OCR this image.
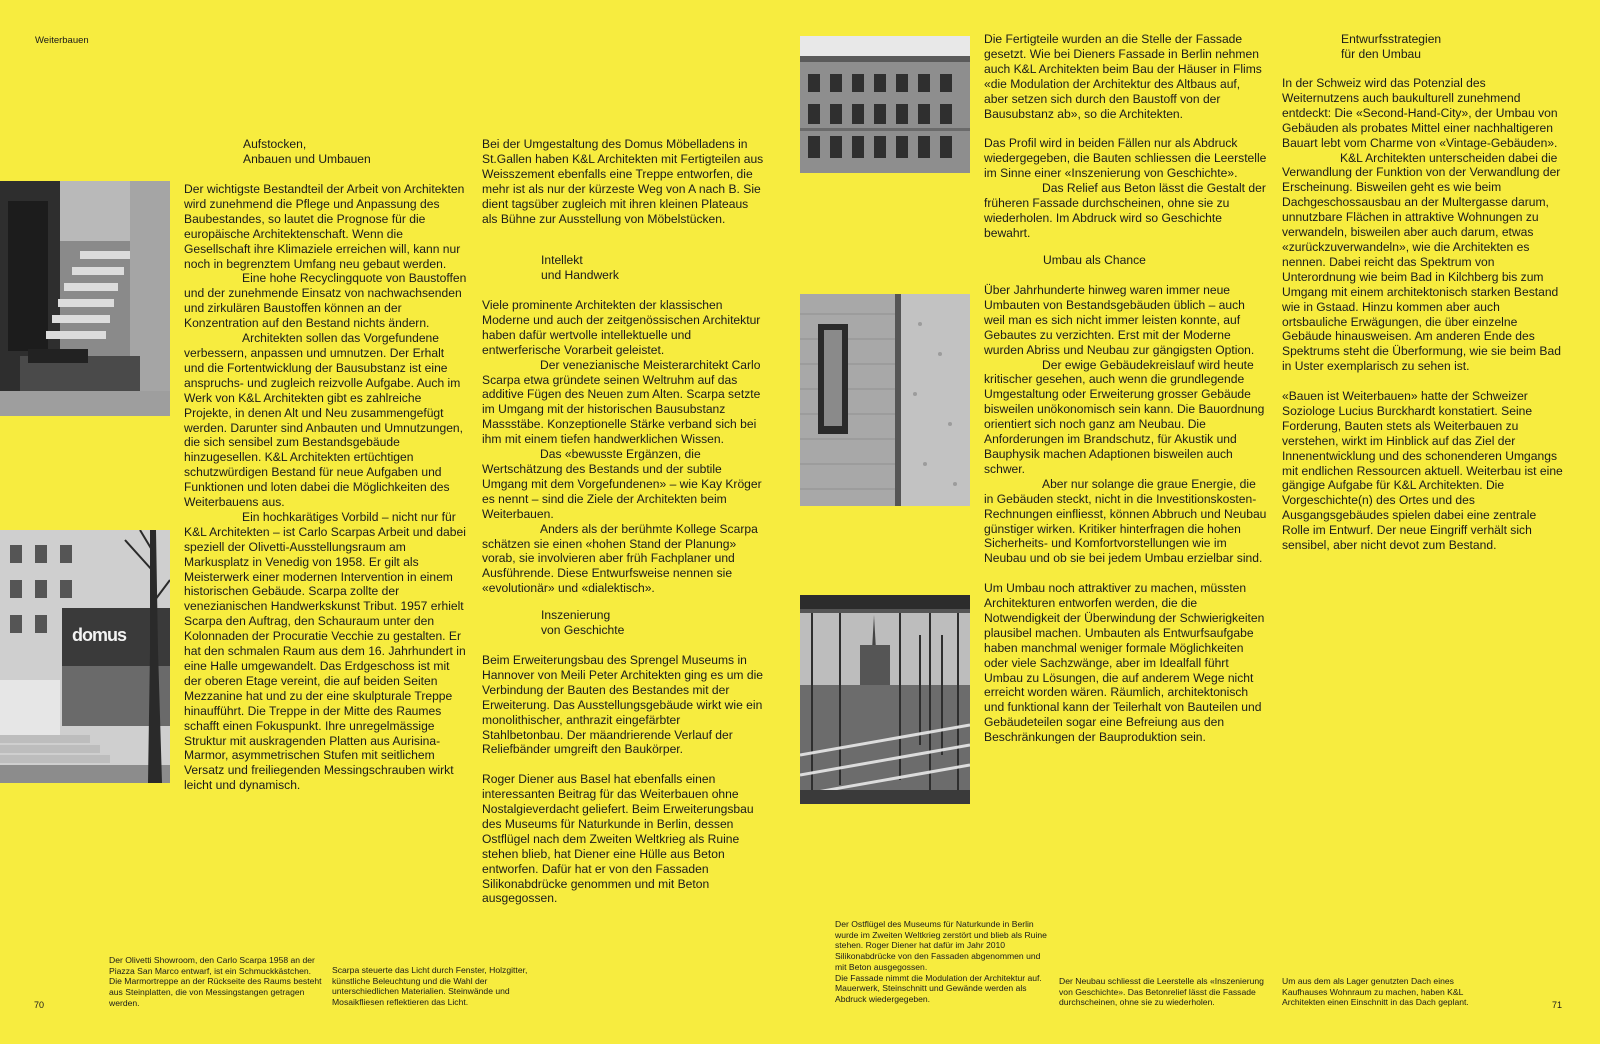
Weiterbauen
70	71
domus
Aufstocken,
Anbauen und Umbauen
Intellekt
und Handwerk
Inszenierung
von Geschichte
Umbau als Chance
Entwurfsstrategien
für den Umbau

Der wichtigste Bestandteil der Arbeit von Architekten wird zunehmend die Pflege und Anpassung des Baubestandes, so lautet die Prognose für die europäische Architektenschaft. Wenn die Gesellschaft ihre Klimaziele erreichen will, kann nur noch in begrenztem Umfang neu gebaut werden.

Eine hohe Recyclingquote von Baustoffen und der zunehmende Einsatz von nachwachsenden und zirkulären Baustoffen können an der Konzentration auf den Bestand nichts ändern.

Architekten sollen das Vorgefundene verbessern, anpassen und umnutzen. Der Erhalt und die Fortentwicklung der Bausubstanz ist eine anspruchs- und zugleich reizvolle Aufgabe. Auch im Werk von K&L Architekten gibt es zahlreiche Projekte, in denen Alt und Neu zusammengefügt werden. Darunter sind Anbauten und Umnutzungen, die sich sensibel zum Bestandsgebäude hinzugesellen. K&L Architekten ertüchtigen schutzwürdigen Bestand für neue Aufgaben und Funktionen und loten dabei die Möglichkeiten des Weiterbauens aus.

Ein hochkarätiges Vorbild – nicht nur für K&L Architekten – ist Carlo Scarpas Arbeit und dabei speziell der Olivetti-Ausstellungsraum am Markusplatz in Venedig von 1958. Er gilt als Meisterwerk einer modernen Intervention in einem historischen Gebäude. Scarpa zollte der venezianischen Handwerkskunst Tribut. 1957 erhielt Scarpa den Auftrag, den Schauraum unter den Kolonnaden der Procuratie Vecchie zu gestalten. Er hat den schmalen Raum aus dem 16. Jahrhundert in eine Halle umgewandelt. Das Erdgeschoss ist mit der oberen Etage vereint, die auf beiden Seiten Mezzanine hat und zu der eine skulpturale Treppe hinaufführt. Die Treppe in der Mitte des Raumes schafft einen Fokuspunkt. Ihre unregelmässige Struktur mit auskragenden Platten aus Aurisina-Marmor, asymmetrischen Stufen mit seitlichem Versatz und freiliegenden Messingschrauben wirkt leicht und dynamisch.

Bei der Umgestaltung des Domus Möbelladens in St.Gallen haben K&L Architekten mit Fertigteilen aus Weisszement ebenfalls eine Treppe entworfen, die mehr ist als nur der kürzeste Weg von A nach B. Sie dient tagsüber zugleich mit ihren kleinen Plateaus als Bühne zur Ausstellung von Möbelstücken.

Viele prominente Architekten der klassischen Moderne und auch der zeitgenössischen Architektur haben dafür wertvolle intellektuelle und entwerferische Vorarbeit geleistet.

Der venezianische Meisterarchitekt Carlo Scarpa etwa gründete seinen Weltruhm auf das additive Fügen des Neuen zum Alten. Scarpa setzte im Umgang mit der historischen Bausubstanz Massstäbe. Konzeptionelle Stärke verband sich bei ihm mit einem tiefen handwerklichen Wissen.

Das «bewusste Ergänzen, die Wertschätzung des Bestands und der subtile Umgang mit dem Vorgefundenen» – wie Kay Kröger es nennt – sind die Ziele der Architekten beim Weiterbauen.

Anders als der berühmte Kollege Scarpa schätzen sie einen «hohen Stand der Planung» vorab, sie involvieren aber früh Fachplaner und Ausführende. Diese Entwurfsweise nennen sie «evolutionär» und «dialektisch».

Beim Erweiterungsbau des Sprengel Museums in Hannover von Meili Peter Architekten ging es um die Verbindung der Bauten des Bestandes mit der Erweiterung. Das Ausstellungsgebäude wirkt wie ein monolithischer, anthrazit eingefärbter Stahlbetonbau. Der mäandrierende Verlauf der Reliefbänder umgreift den Baukörper.

Roger Diener aus Basel hat ebenfalls einen interessanten Beitrag für das Weiterbauen ohne Nostalgieverdacht geliefert. Beim Erweiterungsbau des Museums für Naturkunde in Berlin, dessen Ostflügel nach dem Zweiten Weltkrieg als Ruine stehen blieb, hat Diener eine Hülle aus Beton entworfen. Dafür hat er von den Fassaden Silikonabdrücke genommen und mit Beton ausgegossen.

Die Fertigteile wurden an die Stelle der Fassade gesetzt. Wie bei Dieners Fassade in Berlin nehmen auch K&L Architekten beim Bau der Häuser in Flims «die Modulation der Architektur des Altbaus auf, aber setzen sich durch den Baustoff von der Bausubstanz ab», so die Architekten.

Das Profil wird in beiden Fällen nur als Abdruck wiedergegeben, die Bauten schliessen die Leerstelle im Sinne einer «Inszenierung von Geschichte».

Das Relief aus Beton lässt die Gestalt der früheren Fassade durchscheinen, ohne sie zu wiederholen. Im Abdruck wird so Geschichte bewahrt.

Über Jahrhunderte hinweg waren immer neue Umbauten von Bestandsgebäuden üblich – auch weil man es sich nicht immer leisten konnte, auf Gebautes zu verzichten. Erst mit der Moderne wurden Abriss und Neubau zur gängigsten Option.

Der ewige Gebäudekreislauf wird heute kritischer gesehen, auch wenn die grundlegende Umgestaltung oder Erweiterung grosser Gebäude bisweilen unökonomisch sein kann. Die Bauordnung orientiert sich noch ganz am Neubau. Die Anforderungen im Brandschutz, für Akustik und Bauphysik machen Adaptionen bisweilen auch schwer.

Aber nur solange die graue Energie, die in Gebäuden steckt, nicht in die Investitionskosten-Rechnungen einfliesst, können Abbruch und Neubau günstiger wirken. Kritiker hinterfragen die hohen Sicherheits- und Komfortvorstellungen wie im Neubau und ob sie bei jedem Umbau erzielbar sind.

Um Umbau noch attraktiver zu machen, müssten Architekturen entworfen werden, die die Notwendigkeit der Überwindung der Schwierigkeiten plausibel machen. Umbauten als Entwurfsaufgabe haben manchmal weniger formale Möglichkeiten oder viele Sachzwänge, aber im Idealfall führt Umbau zu Lösungen, die auf anderem Wege nicht erreicht worden wären. Räumlich, architektonisch und funktional kann der Teilerhalt von Bauteilen und Gebäudeteilen sogar eine Befreiung aus den Beschränkungen der Bauproduktion sein.

In der Schweiz wird das Potenzial des Weiternutzens auch baukulturell zunehmend entdeckt: Die «Second-Hand-City», der Umbau von Gebäuden als probates Mittel einer nachhaltigeren Bauart lebt vom Charme von «Vintage-Gebäuden».

K&L Architekten unterscheiden dabei die Verwandlung der Funktion von der Verwandlung der Erscheinung. Bisweilen geht es wie beim Dachgeschossausbau an der Multergasse darum, unnutzbare Flächen in attraktive Wohnungen zu verwandeln, bisweilen aber auch darum, etwas «zurückzuverwandeln», wie die Architekten es nennen. Dabei reicht das Spektrum von Unterordnung wie beim Bad in Kilchberg bis zum Umgang mit einem architektonisch starken Bestand wie in Gstaad. Hinzu kommen aber auch ortsbauliche Erwägungen, die über einzelne Gebäude hinausweisen. Am anderen Ende des Spektrums steht die Überformung, wie sie beim Bad in Uster exemplarisch zu sehen ist.

«Bauen ist Weiterbauen» hatte der Schweizer Soziologe Lucius Burckhardt konstatiert. Seine Forderung, Bauten stets als Weiterbauen zu verstehen, wirkt im Hinblick auf das Ziel der Innenentwicklung und des schonenderen Umgangs mit endlichen Ressourcen aktuell. Weiterbau ist eine gängige Aufgabe für K&L Architekten. Die Vorgeschichte(n) des Ortes und des Ausgangsgebäudes spielen dabei eine zentrale Rolle im Entwurf. Der neue Eingriff verhält sich sensibel, aber nicht devot zum Bestand.

Der Olivetti Showroom, den Carlo Scarpa 1958 an der Piazza San Marco entwarf, ist ein Schmuckkästchen. Die Marmortreppe an der Rückseite des Raums besteht aus Steinplatten, die von Messingstangen getragen werden.
Scarpa steuerte das Licht durch Fenster, Holzgitter, künstliche Beleuchtung und die Wahl der unterschiedlichen Materialien. Steinwände und Mosaikfliesen reflektieren das Licht.
Der Ostflügel des Museums für Naturkunde in Berlin wurde im Zweiten Weltkrieg zerstört und blieb als Ruine stehen. Roger Diener hat dafür im Jahr 2010 Silikonabdrücke von den Fassaden abgenommen und mit Beton ausgegossen.
Die Fassade nimmt die Modulation der Architektur auf. Mauerwerk, Steinschnitt und Gewände werden als Abdruck wiedergegeben.
Der Neubau schliesst die Leerstelle als «Inszenierung von Geschichte». Das Betonrelief lässt die Fassade durchscheinen, ohne sie zu wiederholen.
Um aus dem als Lager genutzten Dach eines Kaufhauses Wohnraum zu machen, haben K&L Architekten einen Einschnitt in das Dach geplant.
